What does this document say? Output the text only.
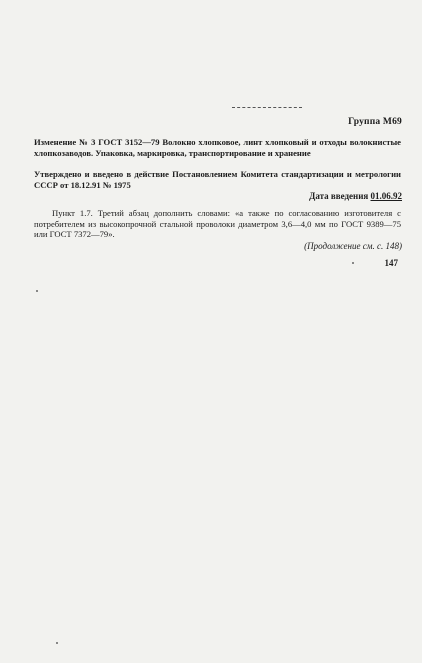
Группа М69
Изменение № 3 ГОСТ 3152—79 Волокно хлопковое, линт хлопковый и отходы волокнистые хлопкозаводов. Упаковка, маркировка, транспортирование и хранение
Утверждено и введено в действие Постановлением Комитета стандартизации и метрологии СССР от 18.12.91 № 1975
Дата введения 01.06.92
Пункт 1.7. Третий абзац дополнить словами: «а также по согласованию изготовителя с потребителем из высокопрочной стальной проволоки диаметром 3,6—4,0 мм по ГОСТ 9389—75 или ГОСТ 7372—79».
(Продолжение см. с. 148)
147
